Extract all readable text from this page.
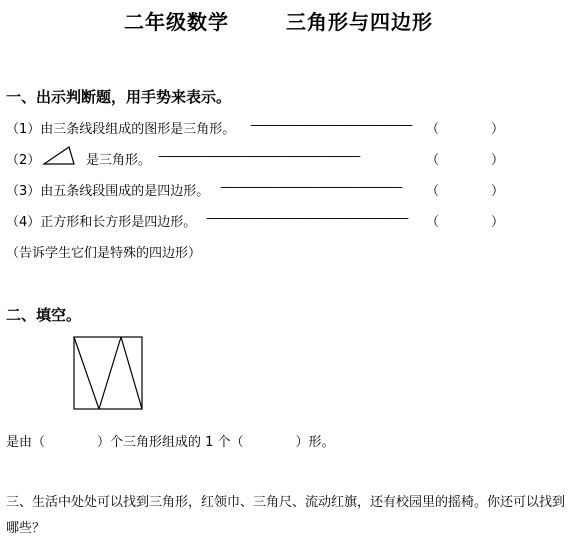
二年级数学	三角形与四边形
一、出示判断题，用手势来表示。
（1）由三条线段组成的图形是三角形。 ————————————————	（　　　　）
（2）	是三角形。 ————————————————————	（　　　　）
（3）由五条线段围成的是四边形。 ——————————————————	（　　　　）
（4）正方形和长方形是四边形。 ————————————————————	（　　　　）
（告诉学生它们是特殊的四边形）
二、填空。
是由（　　　　）个三角形组成的 1 个（　　　　）形。
三、生活中处处可以找到三角形，红领巾、三角尺、流动红旗，还有校园里的摇椅。你还可以找到哪些？
